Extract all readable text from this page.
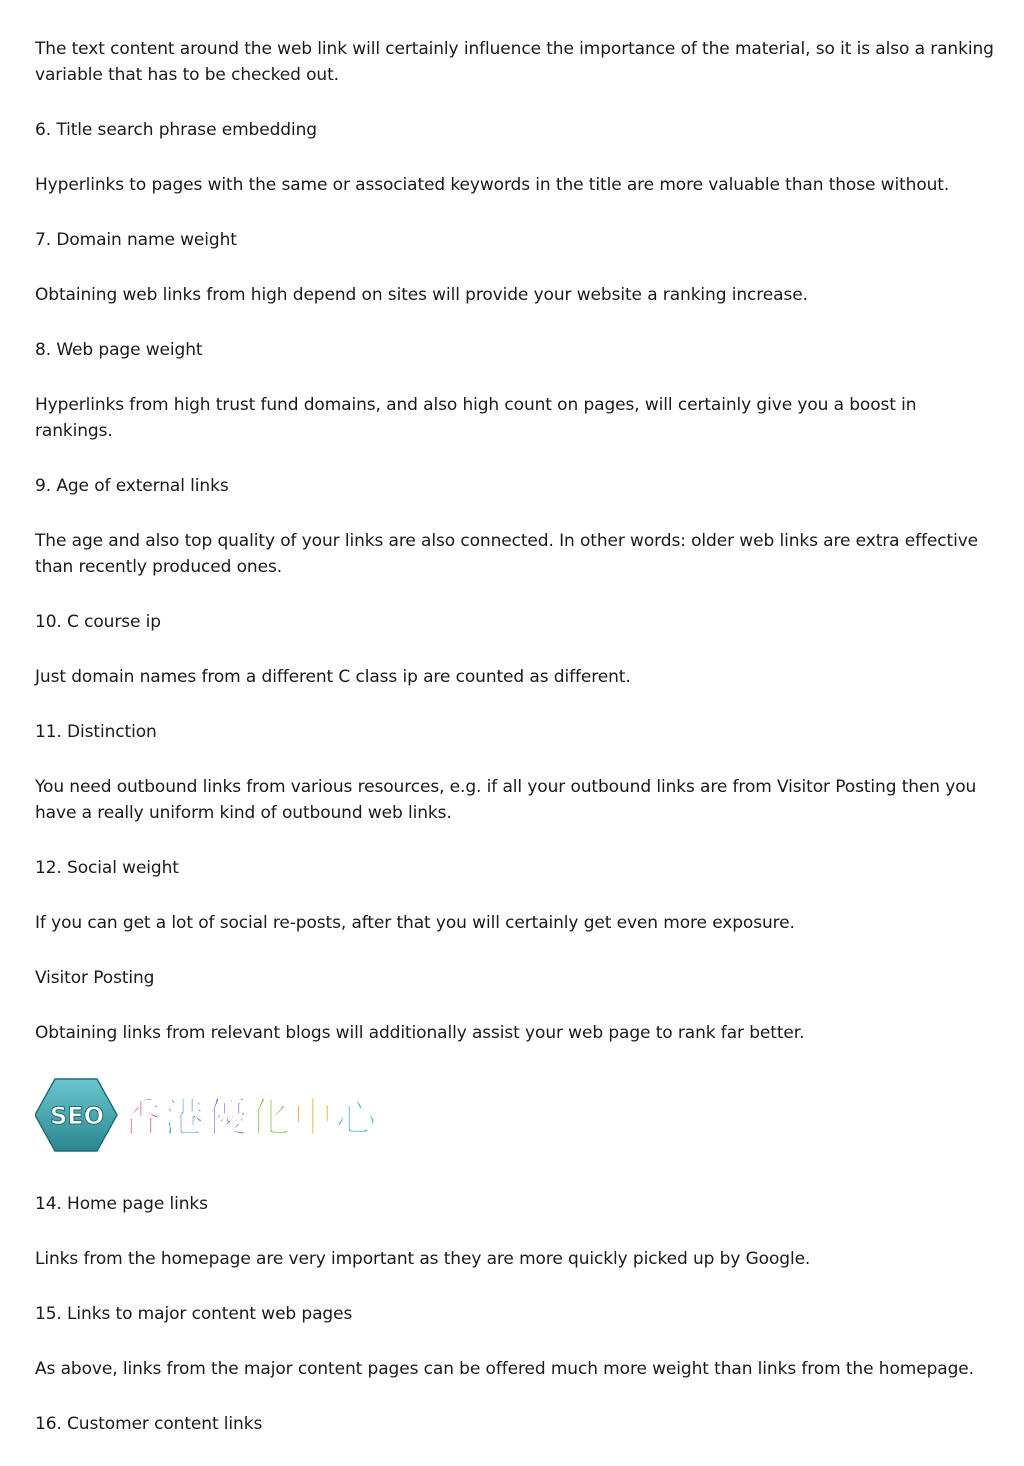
The text content around the web link will certainly influence the importance of the material, so it is also a ranking variable that has to be checked out.

6. Title search phrase embedding

Hyperlinks to pages with the same or associated keywords in the title are more valuable than those without.

7. Domain name weight

Obtaining web links from high depend on sites will provide your website a ranking increase.

8. Web page weight

Hyperlinks from high trust fund domains, and also high count on pages, will certainly give you a boost in rankings.

9. Age of external links

The age and also top quality of your links are also connected. In other words: older web links are extra effective than recently produced ones.

10. C course ip

Just domain names from a different C class ip are counted as different.

11. Distinction

You need outbound links from various resources, e.g. if all your outbound links are from Visitor Posting then you have a really uniform kind of outbound web links.

12. Social weight

If you can get a lot of social re-posts, after that you will certainly get even more exposure.

Visitor Posting

Obtaining links from relevant blogs will additionally assist your web page to rank far better.

SEO 香 港 優 化 中 心

14. Home page links

Links from the homepage are very important as they are more quickly picked up by Google.

15. Links to major content web pages

As above, links from the major content pages can be offered much more weight than links from the homepage.

16. Customer content links
